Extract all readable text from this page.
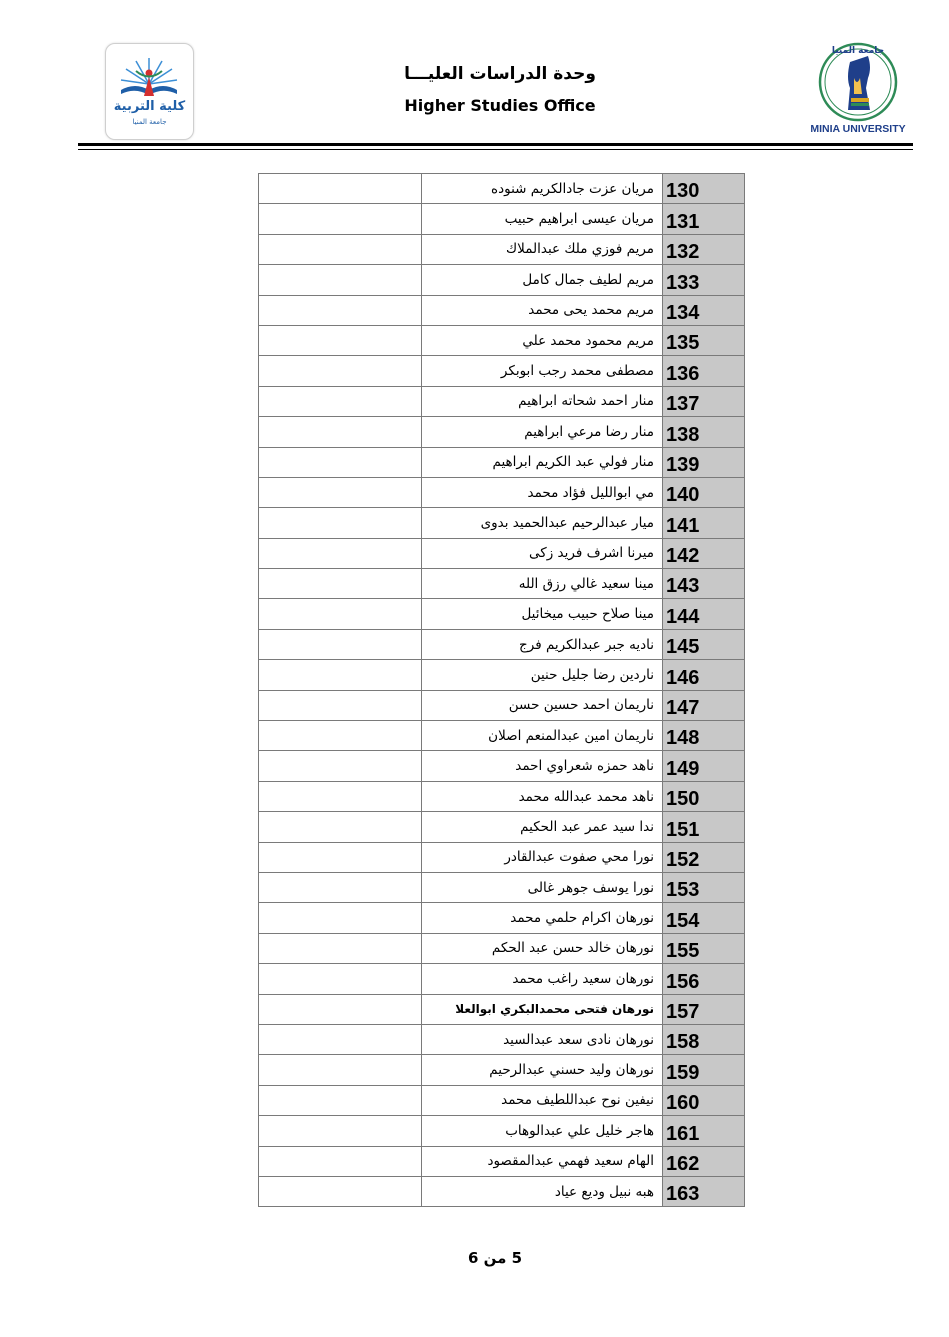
كلية التربية
جامعة المنيا
وحدة الدراسات العليـــا
Higher Studies Office
جامعة المنيا
MINIA UNIVERSITY
	مريان عزت جادالكريم شنوده	130
	مريان عيسى ابراهيم حبيب	131
	مريم فوزي ملك عبدالملاك	132
	مريم لطيف جمال كامل	133
	مريم محمد يحى محمد	134
	مريم محمود محمد علي	135
	مصطفى محمد رجب ابوبكر	136
	منار احمد شحاته ابراهيم	137
	منار رضا مرعي ابراهيم	138
	منار فولي عبد الكريم ابراهيم	139
	مي ابوالليل فؤاد محمد	140
	ميار عبدالرحيم عبدالحميد بدوى	141
	ميرنا اشرف فريد زكى	142
	مينا سعيد غالي رزق الله	143
	مينا صلاح حبيب ميخائيل	144
	ناديه جبر عبدالكريم فرج	145
	ناردين رضا جليل حنين	146
	ناريمان احمد حسين حسن	147
	ناريمان امين عبدالمنعم اصلان	148
	ناهد حمزه شعراوي احمد	149
	ناهد محمد عبدالله محمد	150
	ندا سيد عمر عبد الحكيم	151
	نورا محي صفوت عبدالقادر	152
	نورا يوسف جوهر غالى	153
	نورهان اكرام حلمي محمد	154
	نورهان خالد حسن عبد الحكم	155
	نورهان سعيد راغب محمد	156
	نورهان فتحى محمدالبكري ابوالعلا	157
	نورهان نادى سعد عبدالسيد	158
	نورهان وليد حسني عبدالرحيم	159
	نيفين نوح عبداللطيف محمد	160
	هاجر خليل علي عبدالوهاب	161
	الهام سعيد فهمي عبدالمقصود	162
	هبه نبيل وديع عياد	163
5 من 6
